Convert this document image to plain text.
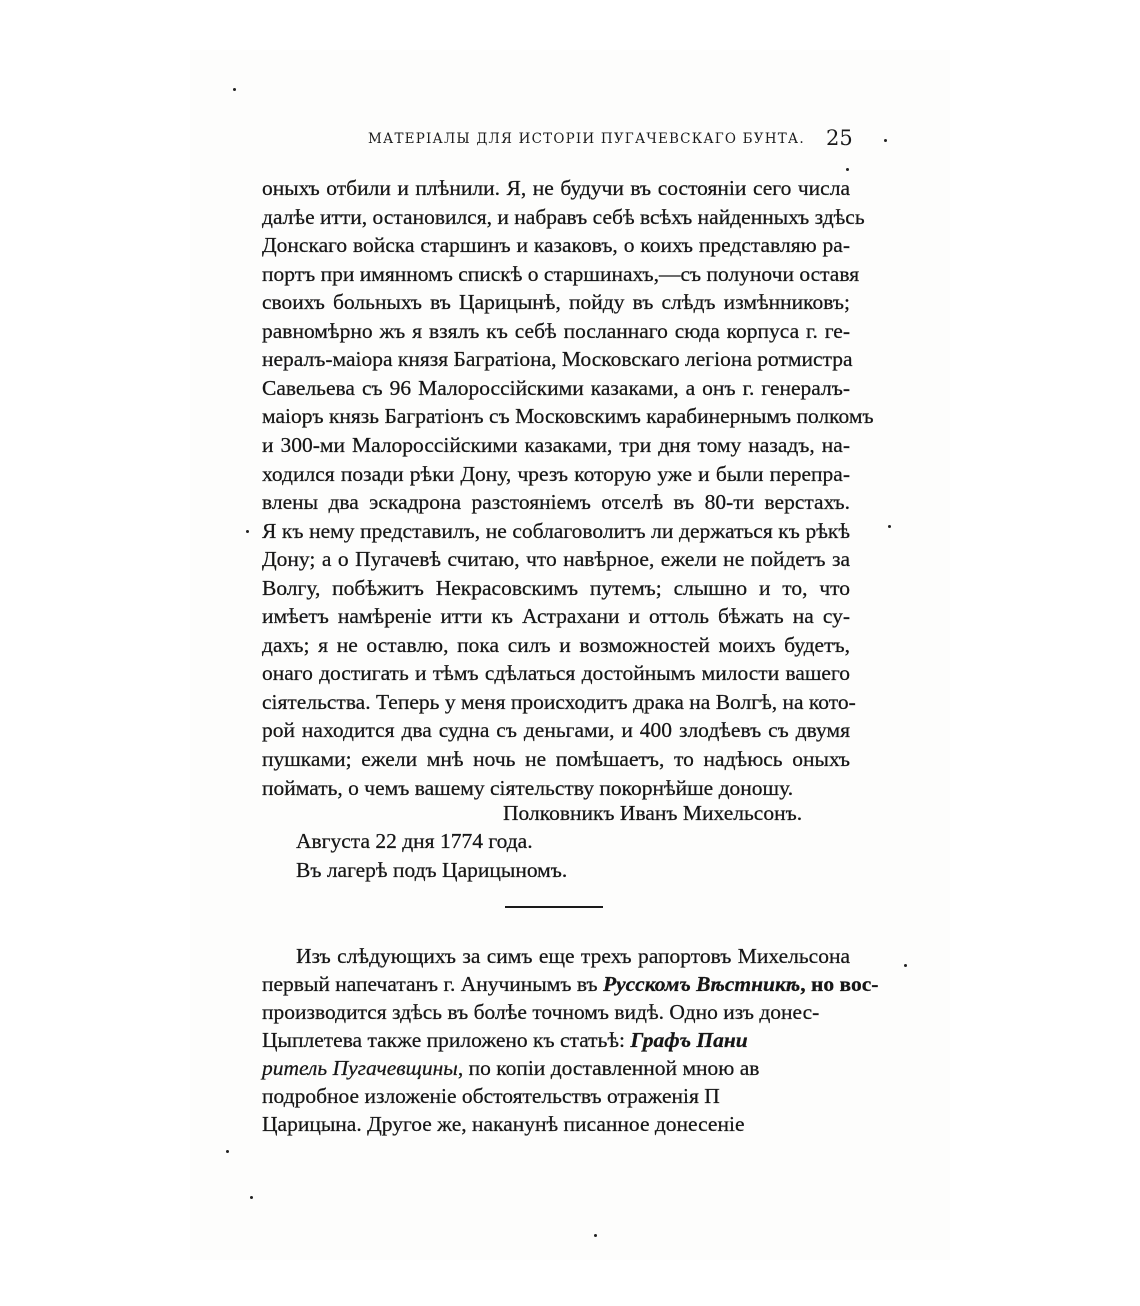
МАТЕРІАЛЫ ДЛЯ ИСТОРІИ ПУГАЧЕВСКАГО БУНТА. 25
оныхъ отбили и плѣнили. Я, не будучи въ состояніи сего числа
далѣе итти, остановился, и набравъ себѣ всѣхъ найденныхъ здѣсь
Донскаго войска старшинъ и казаковъ, о коихъ представляю ра-
портъ при имянномъ спискѣ о старшинахъ,—съ полуночи оставя
своихъ больныхъ въ Царицынѣ, пойду въ слѣдъ измѣнниковъ;
равномѣрно жъ я взялъ къ себѣ посланнаго сюда корпуса г. ге-
нералъ-маіора князя Багратіона, Московскаго легіона ротмистра
Савельева съ 96 Малороссійскими казаками, а онъ г. генералъ-
маіоръ князь Багратіонъ съ Московскимъ карабинернымъ полкомъ
и 300-ми Малороссійскими казаками, три дня тому назадъ, на-
ходился позади рѣки Дону, чрезъ которую уже и были перепра-
влены два эскадрона разстояніемъ отселѣ въ 80-ти верстахъ.
Я къ нему представилъ, не соблаговолитъ ли держаться къ рѣкѣ
Дону; а о Пугачевѣ считаю, что навѣрное, ежели не пойдетъ за
Волгу, побѣжитъ Некрасовскимъ путемъ; слышно и то, что
имѣетъ намѣреніе итти къ Астрахани и оттоль бѣжать на су-
дахъ; я не оставлю, пока силъ и возможностей моихъ будетъ,
онаго достигать и тѣмъ сдѣлаться достойнымъ милости вашего
сіятельства. Теперь у меня происходитъ драка на Волгѣ, на кото-
рой находится два судна съ деньгами, и 400 злодѣевъ съ двумя
пушками; ежели мнѣ ночь не помѣшаетъ, то надѣюсь оныхъ
поймать, о чемъ вашему сіятельству покорнѣйше доношу.
Полковникъ Иванъ Михельсонъ.
Августа 22 дня 1774 года.
Въ лагерѣ подъ Царицыномъ.
Изъ слѣдующихъ за симъ еще трехъ рапортовъ Михельсона
первый напечатанъ г. Анучинымъ въ Русскомъ Вѣстникѣ, но вос-
производится здѣсь въ болѣе точномъ видѣ. Одно изъ донес-
Цыплетева также приложено къ статьѣ: Графъ Пани
ритель Пугачевщины, по копіи доставленной мною ав
подробное изложеніе обстоятельствъ отраженія П
Царицына. Другое же, наканунѣ писанное донесеніе
